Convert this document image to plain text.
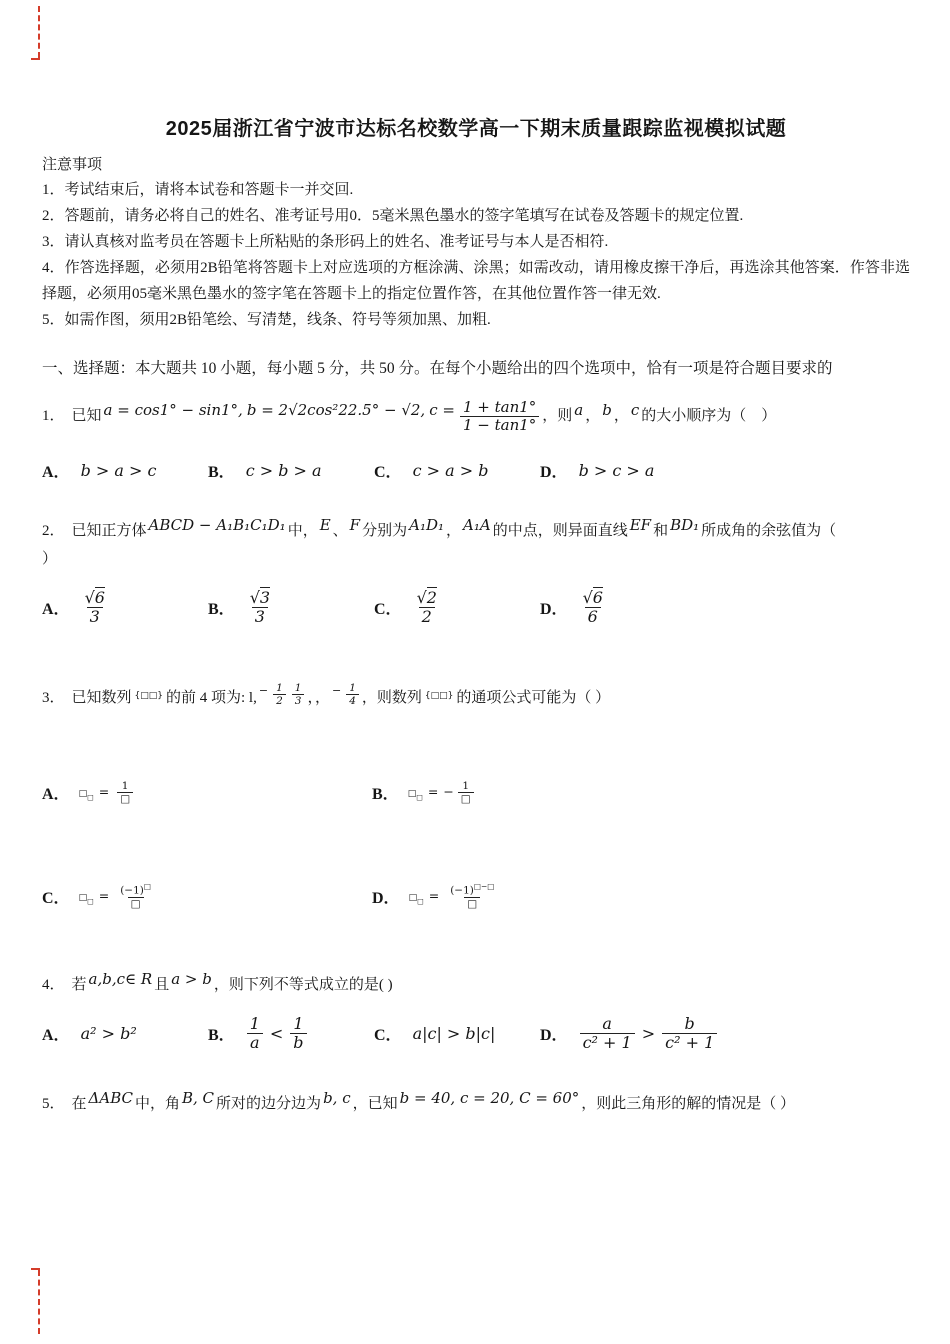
2025届浙江省宁波市达标名校数学高一下期末质量跟踪监视模拟试题

注意事项

1．考试结束后，请将本试卷和答题卡一并交回.

2．答题前，请务必将自己的姓名、准考证号用0．5毫米黑色墨水的签字笔填写在试卷及答题卡的规定位置.

3．请认真核对监考员在答题卡上所粘贴的条形码上的姓名、准考证号与本人是否相符.

4．作答选择题，必须用2B铅笔将答题卡上对应选项的方框涂满、涂黑；如需改动，请用橡皮擦干净后，再选涂其他答案．作答非选择题，必须用05毫米黑色墨水的签字笔在答题卡上的指定位置作答，在其他位置作答一律无效.

5．如需作图，须用2B铅笔绘、写清楚，线条、符号等须加黑、加粗.

一、选择题：本大题共 10 小题，每小题 5 分，共 50 分。在每个小题给出的四个选项中，恰有一项是符合题目要求的

1． 已知 a = cos1° − sin1°, b = 2√2cos²22.5° − √2, $c = \frac{1 + \tan 1^\circ}{1 - \tan 1^\circ}$ ，则 a ， b ， c 的大小顺序为（　）

A． b > a > c	B． c > b > a	C． c > a > b	D． b > c > a

2． 已知正方体 ABCD − A₁B₁C₁D₁ 中， E 、 F 分别为 A₁D₁ ， A₁A 的中点，则异面直线 EF 和 BD₁ 所成角的余弦值为（
）

A． $\frac{√6}{3}$	B． $\frac{√3}{3}$	C． $\frac{√2}{2}$	D． $\frac{√6}{6}$

3． 已知数列 {□□} 的前 4 项为: l, $^- \frac{1}{2} \frac{1}{3}$ ，， $^- \frac{1}{4}$ ，则数列 {□□} 的通项公式可能为（ ）

A． $□_□ = \frac{1}{□}$	B． $□_□$ = − $\frac{1}{□}$
C． $□_□ = \frac{(-1)^□}{□}$	D． $□_□ = \frac{(-1)^{□-□}}{□}$

4． 若 a,b,c∈ R 且 a > b ，则下列不等式成立的是( )

A． a² > b²	B． $\frac{1}{a} < \frac{1}{b}$	C． a|c| > b|c|	D． $\frac{a}{\text{c² + 1}} > \frac{b}{\text{c² + 1}}$

5． 在 ΔABC 中，角 B, C 所对的边分边为 b, c ，已知 b = 40, c = 20, C = 60° ，则此三角形的解的情况是（ ）
